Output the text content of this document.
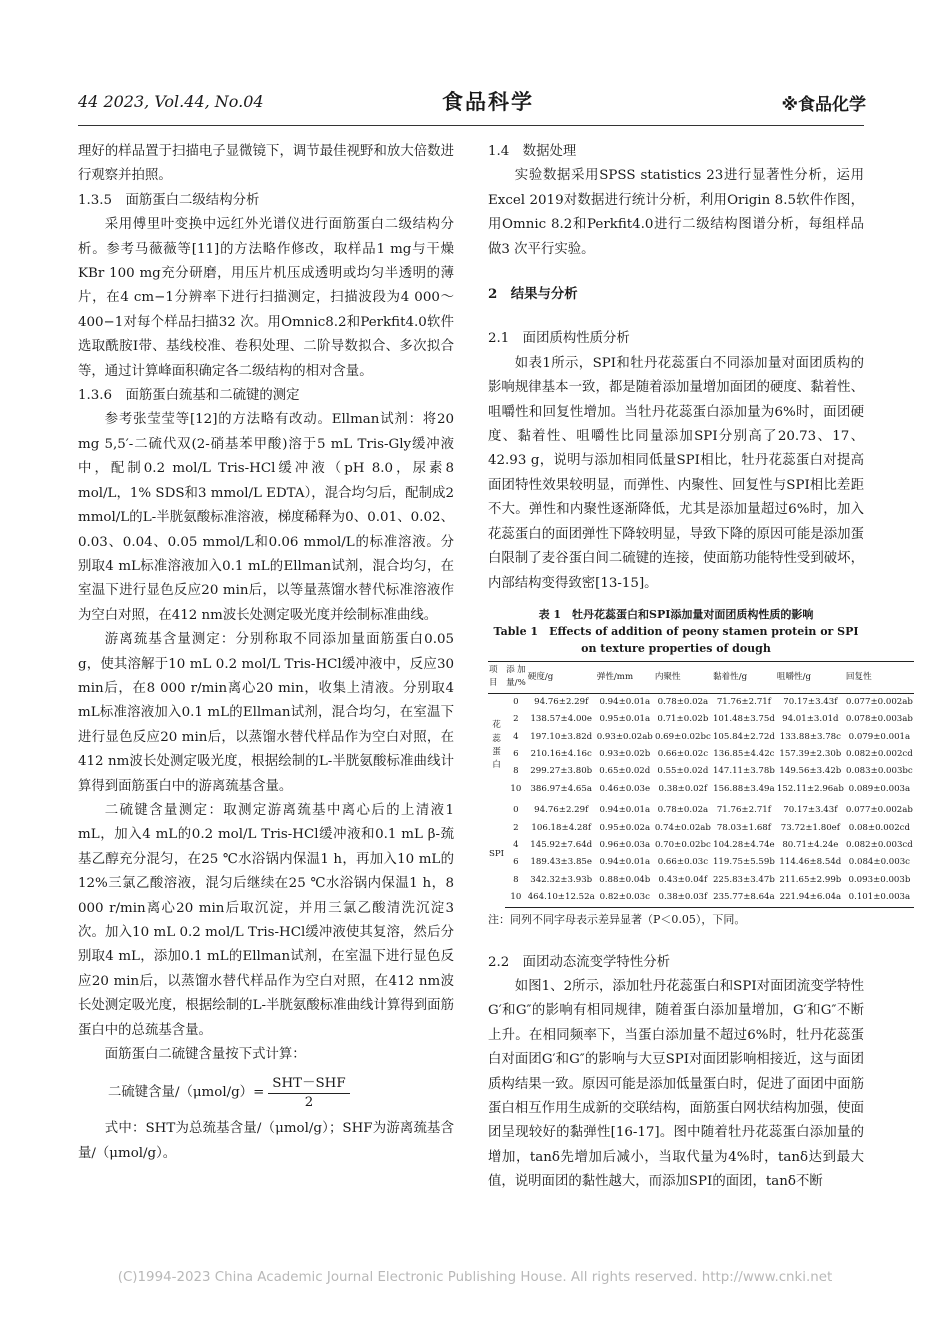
44 2023, Vol.44, No.04	食品科学	※食品化学

理好的样品置于扫描电子显微镜下，调节最佳视野和放大倍数进行观察并拍照。

1.3.5　面筋蛋白二级结构分析

采用傅里叶变换中远红外光谱仪进行面筋蛋白二级结构分析。参考马薇薇等[11]的方法略作修改，取样品1 mg与干燥KBr 100 mg充分研磨，用压片机压成透明或均匀半透明的薄片，在4 cm−1分辨率下进行扫描测定，扫描波段为4 000～400−1对每个样品扫描32 次。用Omnic8.2和Perkfit4.0软件选取酰胺I带、基线校准、卷积处理、二阶导数拟合、多次拟合等，通过计算峰面积确定各二级结构的相对含量。

1.3.6　面筋蛋白巯基和二硫键的测定

参考张莹莹等[12]的方法略有改动。Ellman试剂：将20 mg 5,5′-二硫代双(2-硝基苯甲酸)溶于5 mL Tris-Gly缓冲液中，配制0.2 mol/L Tris-HCl缓冲液（pH 8.0，尿素8 mol/L，1% SDS和3 mmol/L EDTA），混合均匀后，配制成2 mmol/L的L-半胱氨酸标准溶液，梯度稀释为0、0.01、0.02、0.03、0.04、0.05 mmol/L和0.06 mmol/L的标准溶液。分别取4 mL标准溶液加入0.1 mL的Ellman试剂，混合均匀，在室温下进行显色反应20 min后，以等量蒸馏水替代标准溶液作为空白对照，在412 nm波长处测定吸光度并绘制标准曲线。

游离巯基含量测定：分别称取不同添加量面筋蛋白0.05 g，使其溶解于10 mL 0.2 mol/L Tris-HCl缓冲液中，反应30 min后，在8 000 r/min离心20 min，收集上清液。分别取4 mL标准溶液加入0.1 mL的Ellman试剂，混合均匀，在室温下进行显色反应20 min后，以蒸馏水替代样品作为空白对照，在412 nm波长处测定吸光度，根据绘制的L-半胱氨酸标准曲线计算得到面筋蛋白中的游离巯基含量。

二硫键含量测定：取测定游离巯基中离心后的上清液1 mL，加入4 mL的0.2 mol/L Tris-HCl缓冲液和0.1 mL β-巯基乙醇充分混匀，在25 ℃水浴锅内保温1 h，再加入10 mL的12%三氯乙酸溶液，混匀后继续在25 ℃水浴锅内保温1 h，8 000 r/min离心20 min后取沉淀，并用三氯乙酸清洗沉淀3 次。加入10 mL 0.2 mol/L Tris-HCl缓冲液使其复溶，然后分别取4 mL，添加0.1 mL的Ellman试剂，在室温下进行显色反应20 min后，以蒸馏水替代样品作为空白对照，在412 nm波长处测定吸光度，根据绘制的L-半胱氨酸标准曲线计算得到面筋蛋白中的总巯基含量。

面筋蛋白二硫键含量按下式计算：

二硫键含量$/(\mu mol/g)= \frac{\text{SHT－SHF}}{2}$

式中：SHT为总巯基含量/（μmol/g）；SHF为游离巯基含量/（μmol/g）。

1.4　数据处理

实验数据采用SPSS statistics 23进行显著性分析，运用Excel 2019对数据进行统计分析，利用Origin 8.5软件作图，用Omnic 8.2和Perkfit4.0进行二级结构图谱分析，每组样品做3 次平行实验。

2　结果与分析

2.1　面团质构性质分析

如表1所示，SPI和牡丹花蕊蛋白不同添加量对面团质构的影响规律基本一致，都是随着添加量增加面团的硬度、黏着性、咀嚼性和回复性增加。当牡丹花蕊蛋白添加量为6%时，面团硬度、黏着性、咀嚼性比同量添加SPI分别高了20.73、17、42.93 g，说明与添加相同低量SPI相比，牡丹花蕊蛋白对提高面团特性效果较明显，而弹性、内聚性、回复性与SPI相比差距不大。弹性和内聚性逐渐降低，尤其是添加量超过6%时，加入花蕊蛋白的面团弹性下降较明显，导致下降的原因可能是添加蛋白限制了麦谷蛋白间二硫键的连接，使面筋功能特性受到破坏，内部结构变得致密[13-15]。

表 1　牡丹花蕊蛋白和SPI添加量对面团质构性质的影响
Table 1　Effects of addition of peony stamen protein or SPI on texture properties of dough
项目	添加量/%	硬度/g	弹性/mm	内聚性	黏着性/g	咀嚼性/g	回复性
花蕊蛋白	0	94.76±2.29f	0.94±0.01a	0.78±0.02a	71.76±2.71f	70.17±3.43f	0.077±0.002ab
	2	138.57±4.00e	0.95±0.01a	0.71±0.02b	101.48±3.75d	94.01±3.01d	0.078±0.003ab
	4	197.10±3.82d	0.93±0.02ab	0.69±0.02bc	105.84±2.72d	133.88±3.78c	0.079±0.001a
	6	210.16±4.16c	0.93±0.02b	0.66±0.02c	136.85±4.42c	157.39±2.30b	0.082±0.002cd
	8	299.27±3.80b	0.65±0.02d	0.55±0.02d	147.11±3.78b	149.56±3.42b	0.083±0.003bc
	10	386.97±4.65a	0.46±0.03e	0.38±0.02f	156.88±3.49a	152.11±2.96ab	0.089±0.003a
SPI	0	94.76±2.29f	0.94±0.01a	0.78±0.02a	71.76±2.71f	70.17±3.43f	0.077±0.002ab
	2	106.18±4.28f	0.95±0.02a	0.74±0.02ab	78.03±1.68f	73.72±1.80ef	0.08±0.002cd
	4	145.92±7.64d	0.96±0.03a	0.70±0.02bc	104.28±4.74e	80.71±4.24e	0.082±0.003cd
	6	189.43±3.85e	0.94±0.01a	0.66±0.03c	119.75±5.59b	114.46±8.54d	0.084±0.003c
	8	342.32±3.93b	0.88±0.04b	0.43±0.04f	225.83±3.47b	211.65±2.99b	0.093±0.003b
	10	464.10±12.52a	0.82±0.03c	0.38±0.03f	235.77±8.64a	221.94±6.04a	0.101±0.003a
注：同列不同字母表示差异显著（P＜0.05），下同。

2.2　面团动态流变学特性分析

如图1、2所示，添加牡丹花蕊蛋白和SPI对面团流变学特性G′和G″的影响有相同规律，随着蛋白添加量增加，G′和G″不断上升。在相同频率下，当蛋白添加量不超过6%时，牡丹花蕊蛋白对面团G′和G″的影响与大豆SPI对面团影响相接近，这与面团质构结果一致。原因可能是添加低量蛋白时，促进了面团中面筋蛋白相互作用生成新的交联结构，面筋蛋白网状结构加强，使面团呈现较好的黏弹性[16-17]。图中随着牡丹花蕊蛋白添加量的增加，tanδ先增加后减小，当取代量为4%时，tanδ达到最大值，说明面团的黏性越大，而添加SPI的面团，tanδ不断

(C)1994-2023 China Academic Journal Electronic Publishing House. All rights reserved. http://www.cnki.net
